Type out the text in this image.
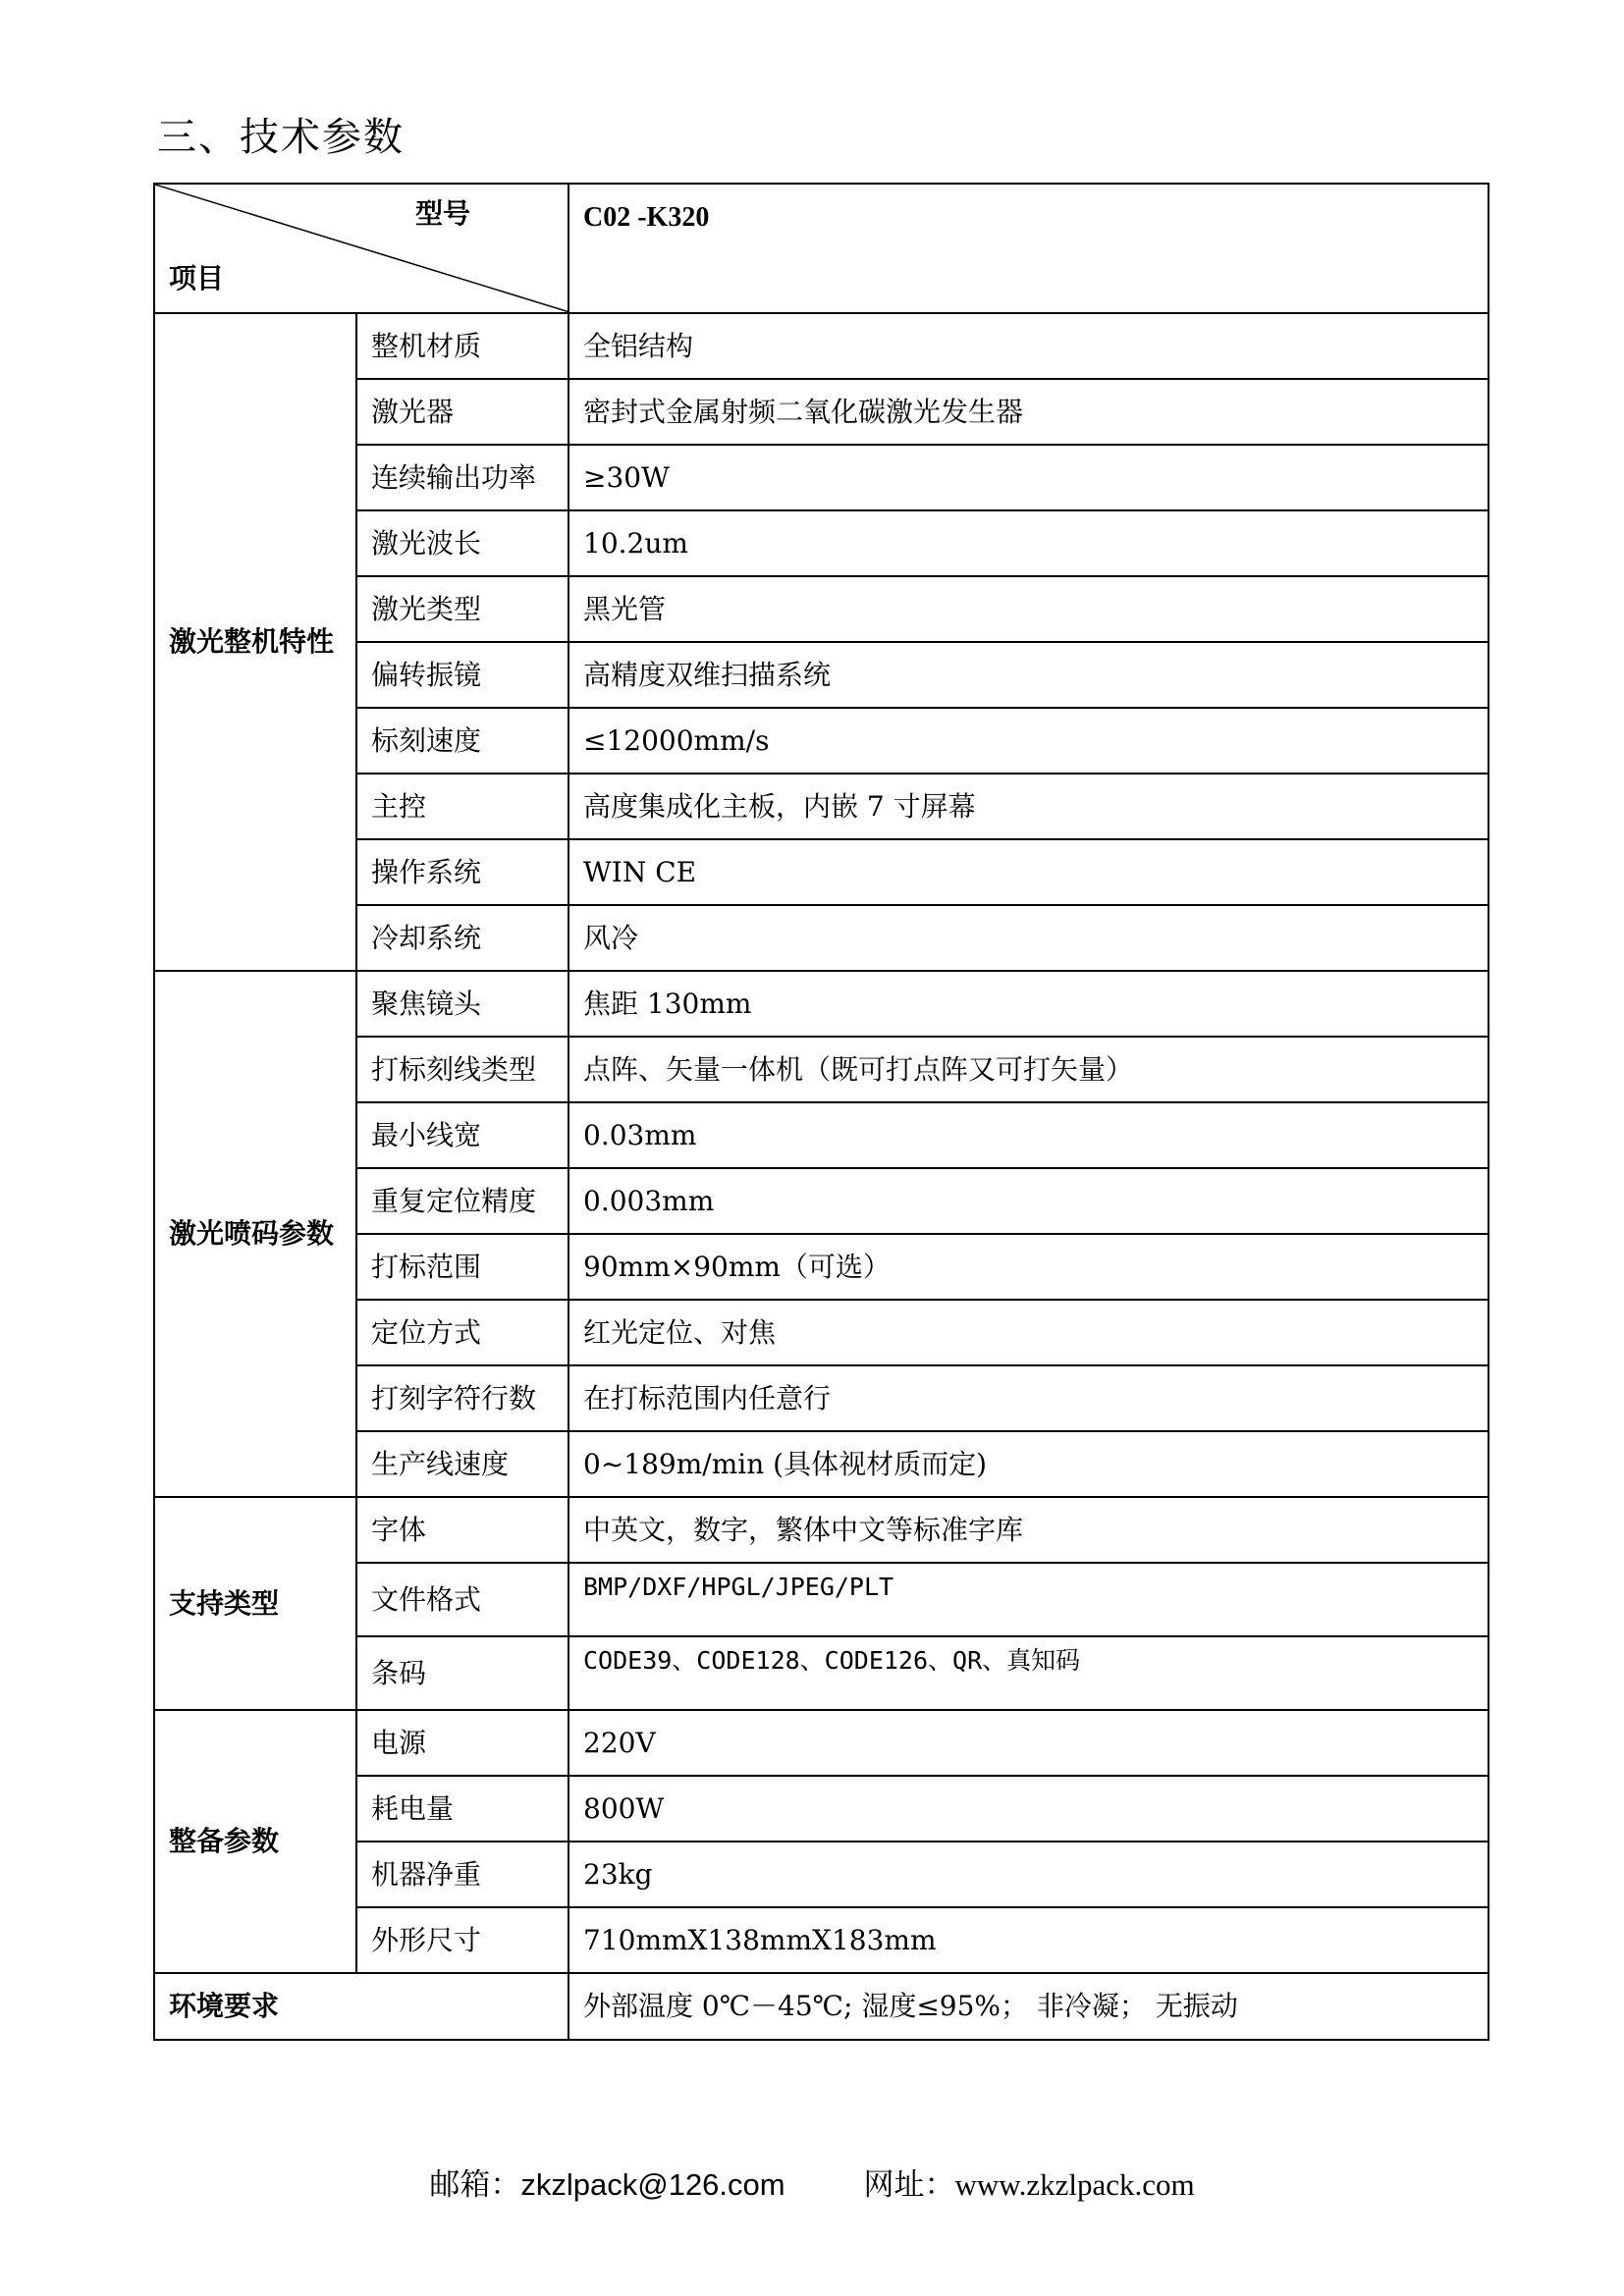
三、技术参数
型号
项目		C02 -K320
激光整机特性	整机材质	全铝结构
	激光器	密封式金属射频二氧化碳激光发生器
	连续输出功率	≥30W
	激光波长	10.2um
	激光类型	黑光管
	偏转振镜	高精度双维扫描系统
	标刻速度	≤12000mm/s
	主控	高度集成化主板，内嵌 7 寸屏幕
	操作系统	WIN CE
	冷却系统	风冷
激光喷码参数	聚焦镜头	焦距 130mm
	打标刻线类型	点阵、矢量一体机（既可打点阵又可打矢量）
	最小线宽	0.03mm
	重复定位精度	0.003mm
	打标范围	90mm×90mm（可选）
	定位方式	红光定位、对焦
	打刻字符行数	在打标范围内任意行
	生产线速度	0~189m/min (具体视材质而定)
支持类型	字体	中英文，数字，繁体中文等标准字库
	文件格式	BMP/DXF/HPGL/JPEG/PLT
	条码	CODE39、CODE128、CODE126、QR、真知码
整备参数	电源	220V
	耗电量	800W
	机器净重	23kg
	外形尺寸	710mmX138mmX183mm
环境要求		外部温度 0℃－45℃; 湿度≤95%； 非冷凝； 无振动
邮箱：zkzlpack@126.com	网址：www.zkzlpack.com
